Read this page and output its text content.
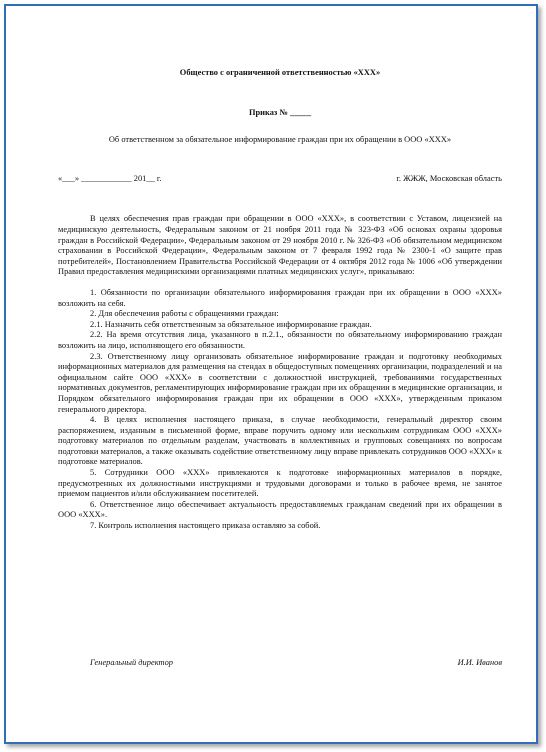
Общество с ограниченной ответственностью «ХХХ»
Приказ № _____
Об ответственном за обязательное информирование граждан при их обращении в ООО «ХХХ»
«___» ____________ 201__ г.	г. ЖЖЖ, Московская область

В целях обеспечения прав граждан при обращении в ООО «ХХХ», в соответствии с Уставом, лицензией на медицинскую деятельность, Федеральным законом от 21 ноября 2011 года № 323-ФЗ «Об основах охраны здоровья граждан в Российской Федерации», Федеральным законом от 29 ноября 2010 г. № 326-ФЗ «Об обязательном медицинском страховании в Российской Федерации», Федеральным законом от 7 февраля 1992 года № 2300-1 «О защите прав потребителей», Постановлением Правительства Российской Федерации от 4 октября 2012 года № 1006 «Об утверждении Правил предоставления медицинскими организациями платных медицинских услуг», приказываю:

1. Обязанности по организации обязательного информирования граждан при их обращении в ООО «ХХХ» возложить на себя.

2. Для обеспечения работы с обращениями граждан:

2.1. Назначить себя ответственным за обязательное информирование граждан.

2.2. На время отсутствия лица, указанного в п.2.1., обязанности по обязательному информированию граждан возложить на лицо, исполняющего его обязанности.

2.3. Ответственному лицу организовать обязательное информирование граждан и подготовку необходимых информационных материалов для размещения на стендах в общедоступных помещениях организации, подразделений и на официальном сайте ООО «ХХХ» в соответствии с должностной инструкцией, требованиями государственных нормативных документов, регламентирующих информирование граждан при их обращении в медицинские организации, и Порядком обязательного информирования граждан при их обращении в ООО «ХХХ», утвержденным приказом генерального директора.

4. В целях исполнения настоящего приказа, в случае необходимости, генеральный директор своим распоряжением, изданным в письменной форме, вправе поручить одному или нескольким сотрудникам ООО «ХХХ» подготовку материалов по отдельным разделам, участвовать в коллективных и групповых совещаниях по вопросам подготовки материалов, а также оказывать содействие ответственному лицу вправе привлекать сотрудников ООО «ХХХ» к подготовке материалов.

5. Сотрудники ООО «ХХХ» привлекаются к подготовке информационных материалов в порядке, предусмотренных их должностными инструкциями и трудовыми договорами и только в рабочее время, не занятое приемом пациентов и/или обслуживанием посетителей.

6. Ответственное лицо обеспечивает актуальность предоставляемых гражданам сведений при их обращении в ООО «ХХХ».

7. Контроль исполнения настоящего приказа оставляю за собой.

Генеральный директор	И.И. Иванов
